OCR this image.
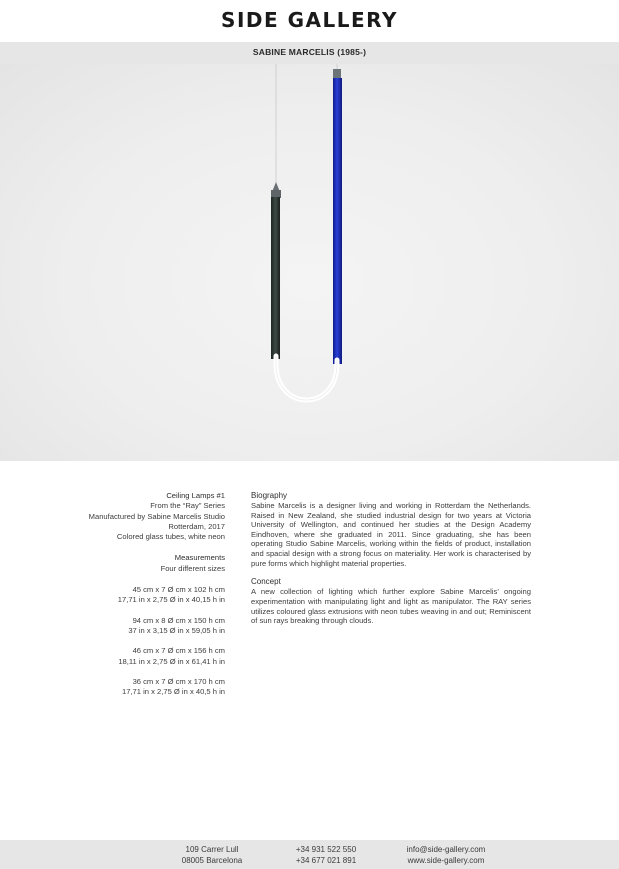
SIDE GALLERY
SABINE MARCELIS (1985-)
Ceiling Lamps #1
From the “Ray” Series
Manufactured by Sabine Marcelis Studio
Rotterdam, 2017
Colored glass tubes, white neon
Measurements
Four different sizes
45 cm x 7 Ø cm x 102 h cm
17,71 in x 2,75 Ø in x 40,15 h in
94 cm x 8 Ø cm x 150 h cm
37 in x 3,15 Ø in x 59,05 h in
46 cm x 7 Ø cm x 156 h cm
18,11 in x 2,75 Ø in x 61,41 h in
36 cm x 7 Ø cm x 170 h cm
17,71 in x 2,75 Ø in x 40,5 h in
Biography
Sabine Marcelis is a designer living and working in Rotterdam the Netherlands. Raised in New Zealand, she studied industrial design for two years at Victoria University of Wellington, and continued her studies at the Design Academy Eindhoven, where she graduated in 2011. Since graduating, she has been operating Studio Sabine Marcelis, working within the fields of product, installation and spacial design with a strong focus on materiality. Her work is characterised by pure forms which highlight material properties.
Concept
A new collection of lighting which further explore Sabine Marcelis’ ongoing experimentation with manipulating light and light as manipulator. The RAY series utilizes coloured glass extrusions with neon tubes weaving in and out; Reminiscent of sun rays breaking through clouds.
109 Carrer Lull
08005 Barcelona
+34 931 522 550
+34 677 021 891
info@side-gallery.com
www.side-gallery.com
